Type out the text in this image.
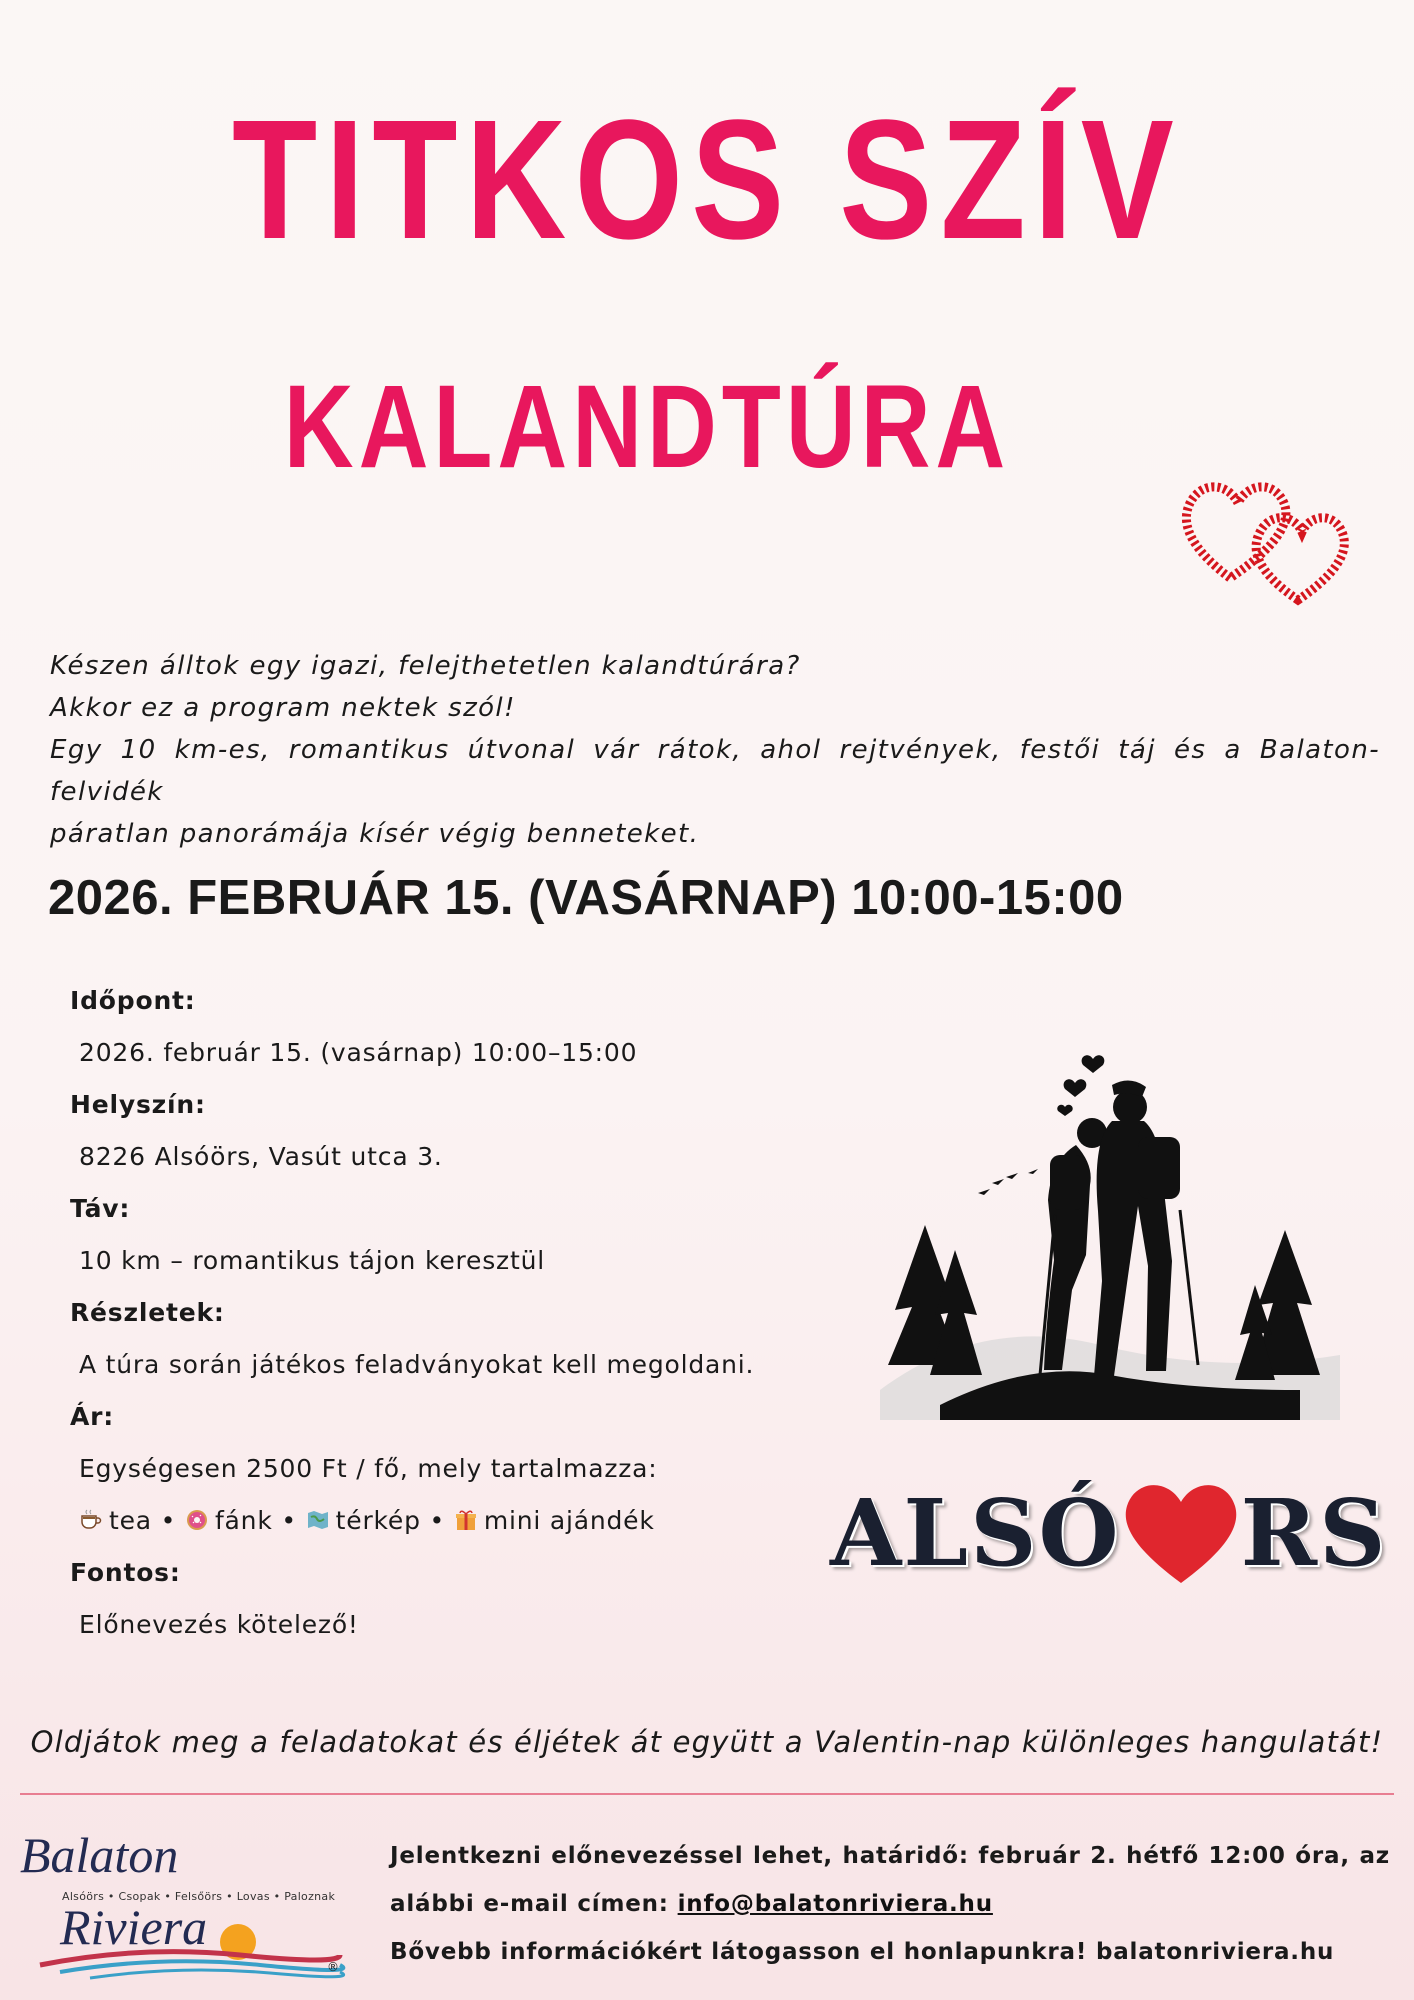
TITKOS SZÍV
KALANDTÚRA
Készen álltok egy igazi, felejthetetlen kalandtúrára?
Akkor ez a program nektek szól!
Egy 10 km-es, romantikus útvonal vár rátok, ahol rejtvények, festői táj és a Balaton-felvidék
páratlan panorámája kísér végig benneteket.
2026. FEBRUÁR 15. (VASÁRNAP) 10:00-15:00
Időpont:
2026. február 15. (vasárnap) 10:00–15:00
Helyszín:
8226 Alsóörs, Vasút utca 3.
Táv:
10 km – romantikus tájon keresztül
Részletek:
A túra során játékos feladványokat kell megoldani.
Ár:
Egységesen 2500 Ft / fő, mely tartalmazza:
tea • fánk • térkép • mini ajándék
Fontos:
Előnevezés kötelező!
ALSÓ RS

Oldjátok meg a feladatokat és éljétek át együtt a Valentin-nap különleges hangulatát!

Balaton
Alsóörs • Csopak • Felsőörs • Lovas • Paloznak
Riviera
®
Jelentkezni előnevezéssel lehet, határidő: február 2. hétfő 12:00 óra, az
alábbi e-mail címen: info@balatonriviera.hu
Bővebb információkért látogasson el honlapunkra! balatonriviera.hu
